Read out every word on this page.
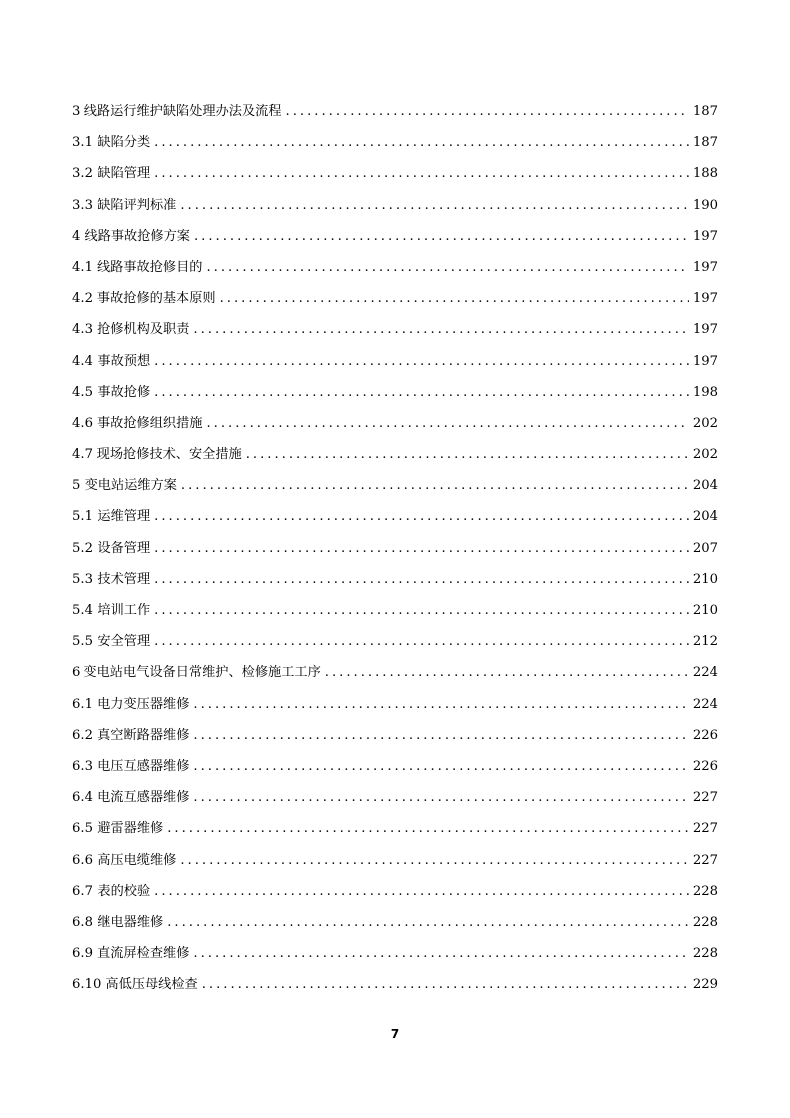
3 线路运行维护缺陷处理办法及流程 . . .	187
3.1 缺陷分类 . . .	187
3.2 缺陷管理 . . .	188
3.3 缺陷评判标准 . . .	190
4 线路事故抢修方案 . . .	197
4.1 线路事故抢修目的 . . .	197
4.2 事故抢修的基本原则 . . .	197
4.3 抢修机构及职责 . . .	197
4.4 事故预想 . . .	197
4.5 事故抢修 . . .	198
4.6 事故抢修组织措施 . . .	202
4.7 现场抢修技术、安全措施 . . .	202
5 变电站运维方案 . . .	204
5.1 运维管理 . . .	204
5.2 设备管理 . . .	207
5.3 技术管理 . . .	210
5.4 培训工作 . . .	210
5.5 安全管理 . . .	212
6 变电站电气设备日常维护、检修施工工序 . . .	224
6.1 电力变压器维修 . . .	224
6.2 真空断路器维修 . . .	226
6.3 电压互感器维修 . . .	226
6.4 电流互感器维修 . . .	227
6.5 避雷器维修 . . .	227
6.6 高压电缆维修 . . .	227
6.7 表的校验 . . .	228
6.8 继电器维修 . . .	228
6.9 直流屏检查维修 . . .	228
6.10 高低压母线检查 . . .	229
7
